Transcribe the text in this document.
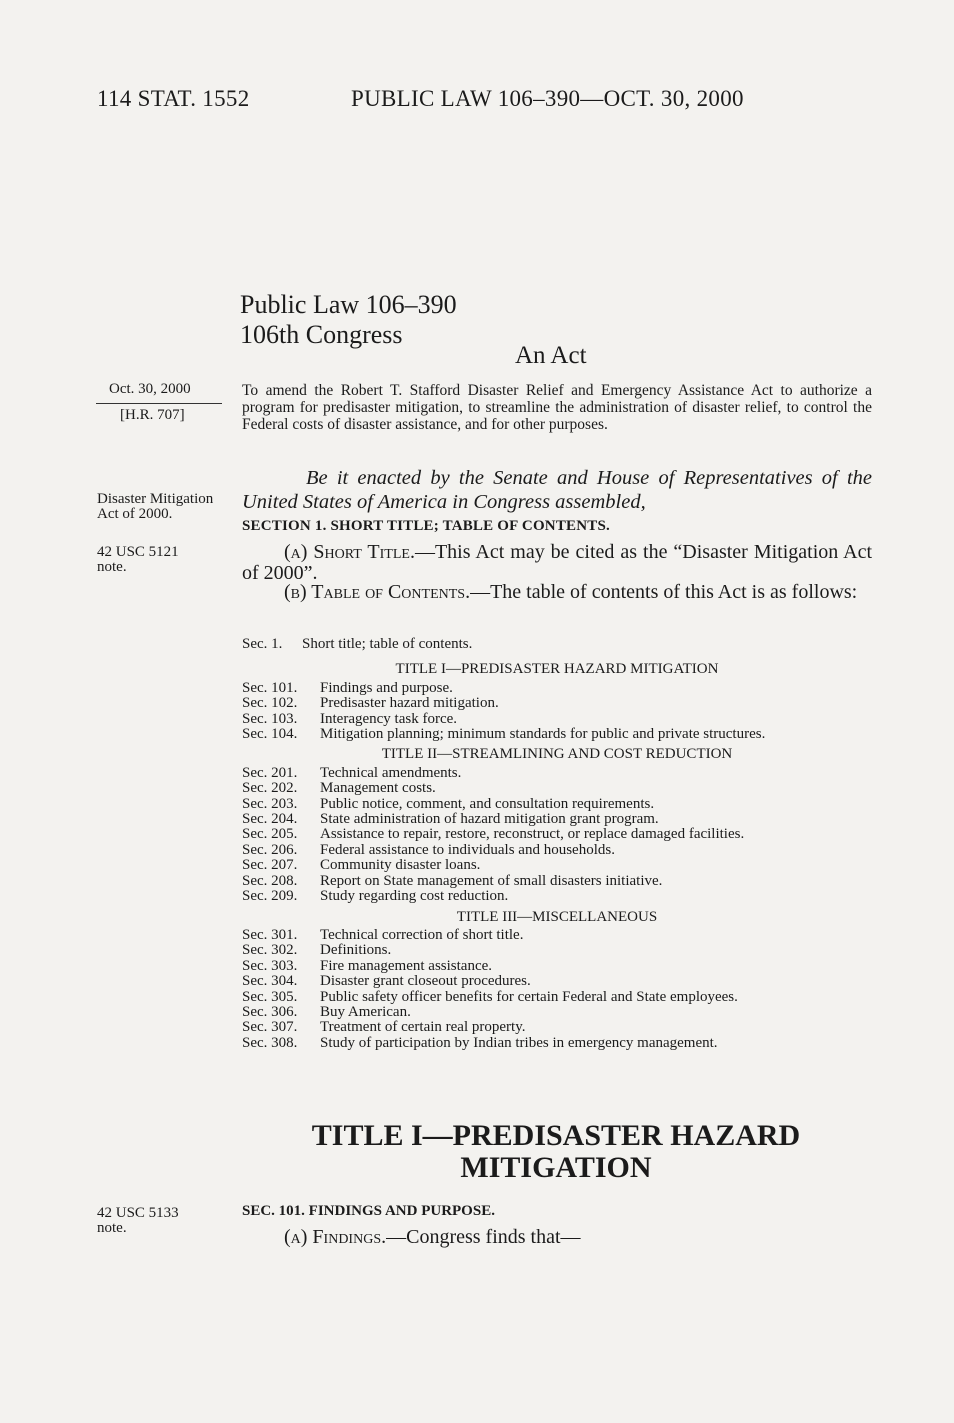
114 STAT. 1552	PUBLIC LAW 106–390—OCT. 30, 2000
Public Law 106–390
106th Congress
An Act
Oct. 30, 2000
[H.R. 707]
Disaster Mitigation Act of 2000.
42 USC 5121
note.
42 USC 5133
note.
To amend the Robert T. Stafford Disaster Relief and Emergency Assistance Act to authorize a program for predisaster mitigation, to streamline the administration of disaster relief, to control the Federal costs of disaster assistance, and for other purposes.
Be it enacted by the Senate and House of Representatives of the United States of America in Congress assembled,
SECTION 1. SHORT TITLE; TABLE OF CONTENTS.
(a) Short Title.—This Act may be cited as the “Disaster Mitigation Act of 2000”.
(b) Table of Contents.—The table of contents of this Act is as follows:
Sec. 1.	Short title; table of contents.
TITLE I—PREDISASTER HAZARD MITIGATION
Sec. 101.	Findings and purpose.
Sec. 102.	Predisaster hazard mitigation.
Sec. 103.	Interagency task force.
Sec. 104.	Mitigation planning; minimum standards for public and private structures.
TITLE II—STREAMLINING AND COST REDUCTION
Sec. 201.	Technical amendments.
Sec. 202.	Management costs.
Sec. 203.	Public notice, comment, and consultation requirements.
Sec. 204.	State administration of hazard mitigation grant program.
Sec. 205.	Assistance to repair, restore, reconstruct, or replace damaged facilities.
Sec. 206.	Federal assistance to individuals and households.
Sec. 207.	Community disaster loans.
Sec. 208.	Report on State management of small disasters initiative.
Sec. 209.	Study regarding cost reduction.
TITLE III—MISCELLANEOUS
Sec. 301.	Technical correction of short title.
Sec. 302.	Definitions.
Sec. 303.	Fire management assistance.
Sec. 304.	Disaster grant closeout procedures.
Sec. 305.	Public safety officer benefits for certain Federal and State employees.
Sec. 306.	Buy American.
Sec. 307.	Treatment of certain real property.
Sec. 308.	Study of participation by Indian tribes in emergency management.
TITLE I—PREDISASTER HAZARD
MITIGATION
SEC. 101. FINDINGS AND PURPOSE.
(a) Findings.—Congress finds that—
